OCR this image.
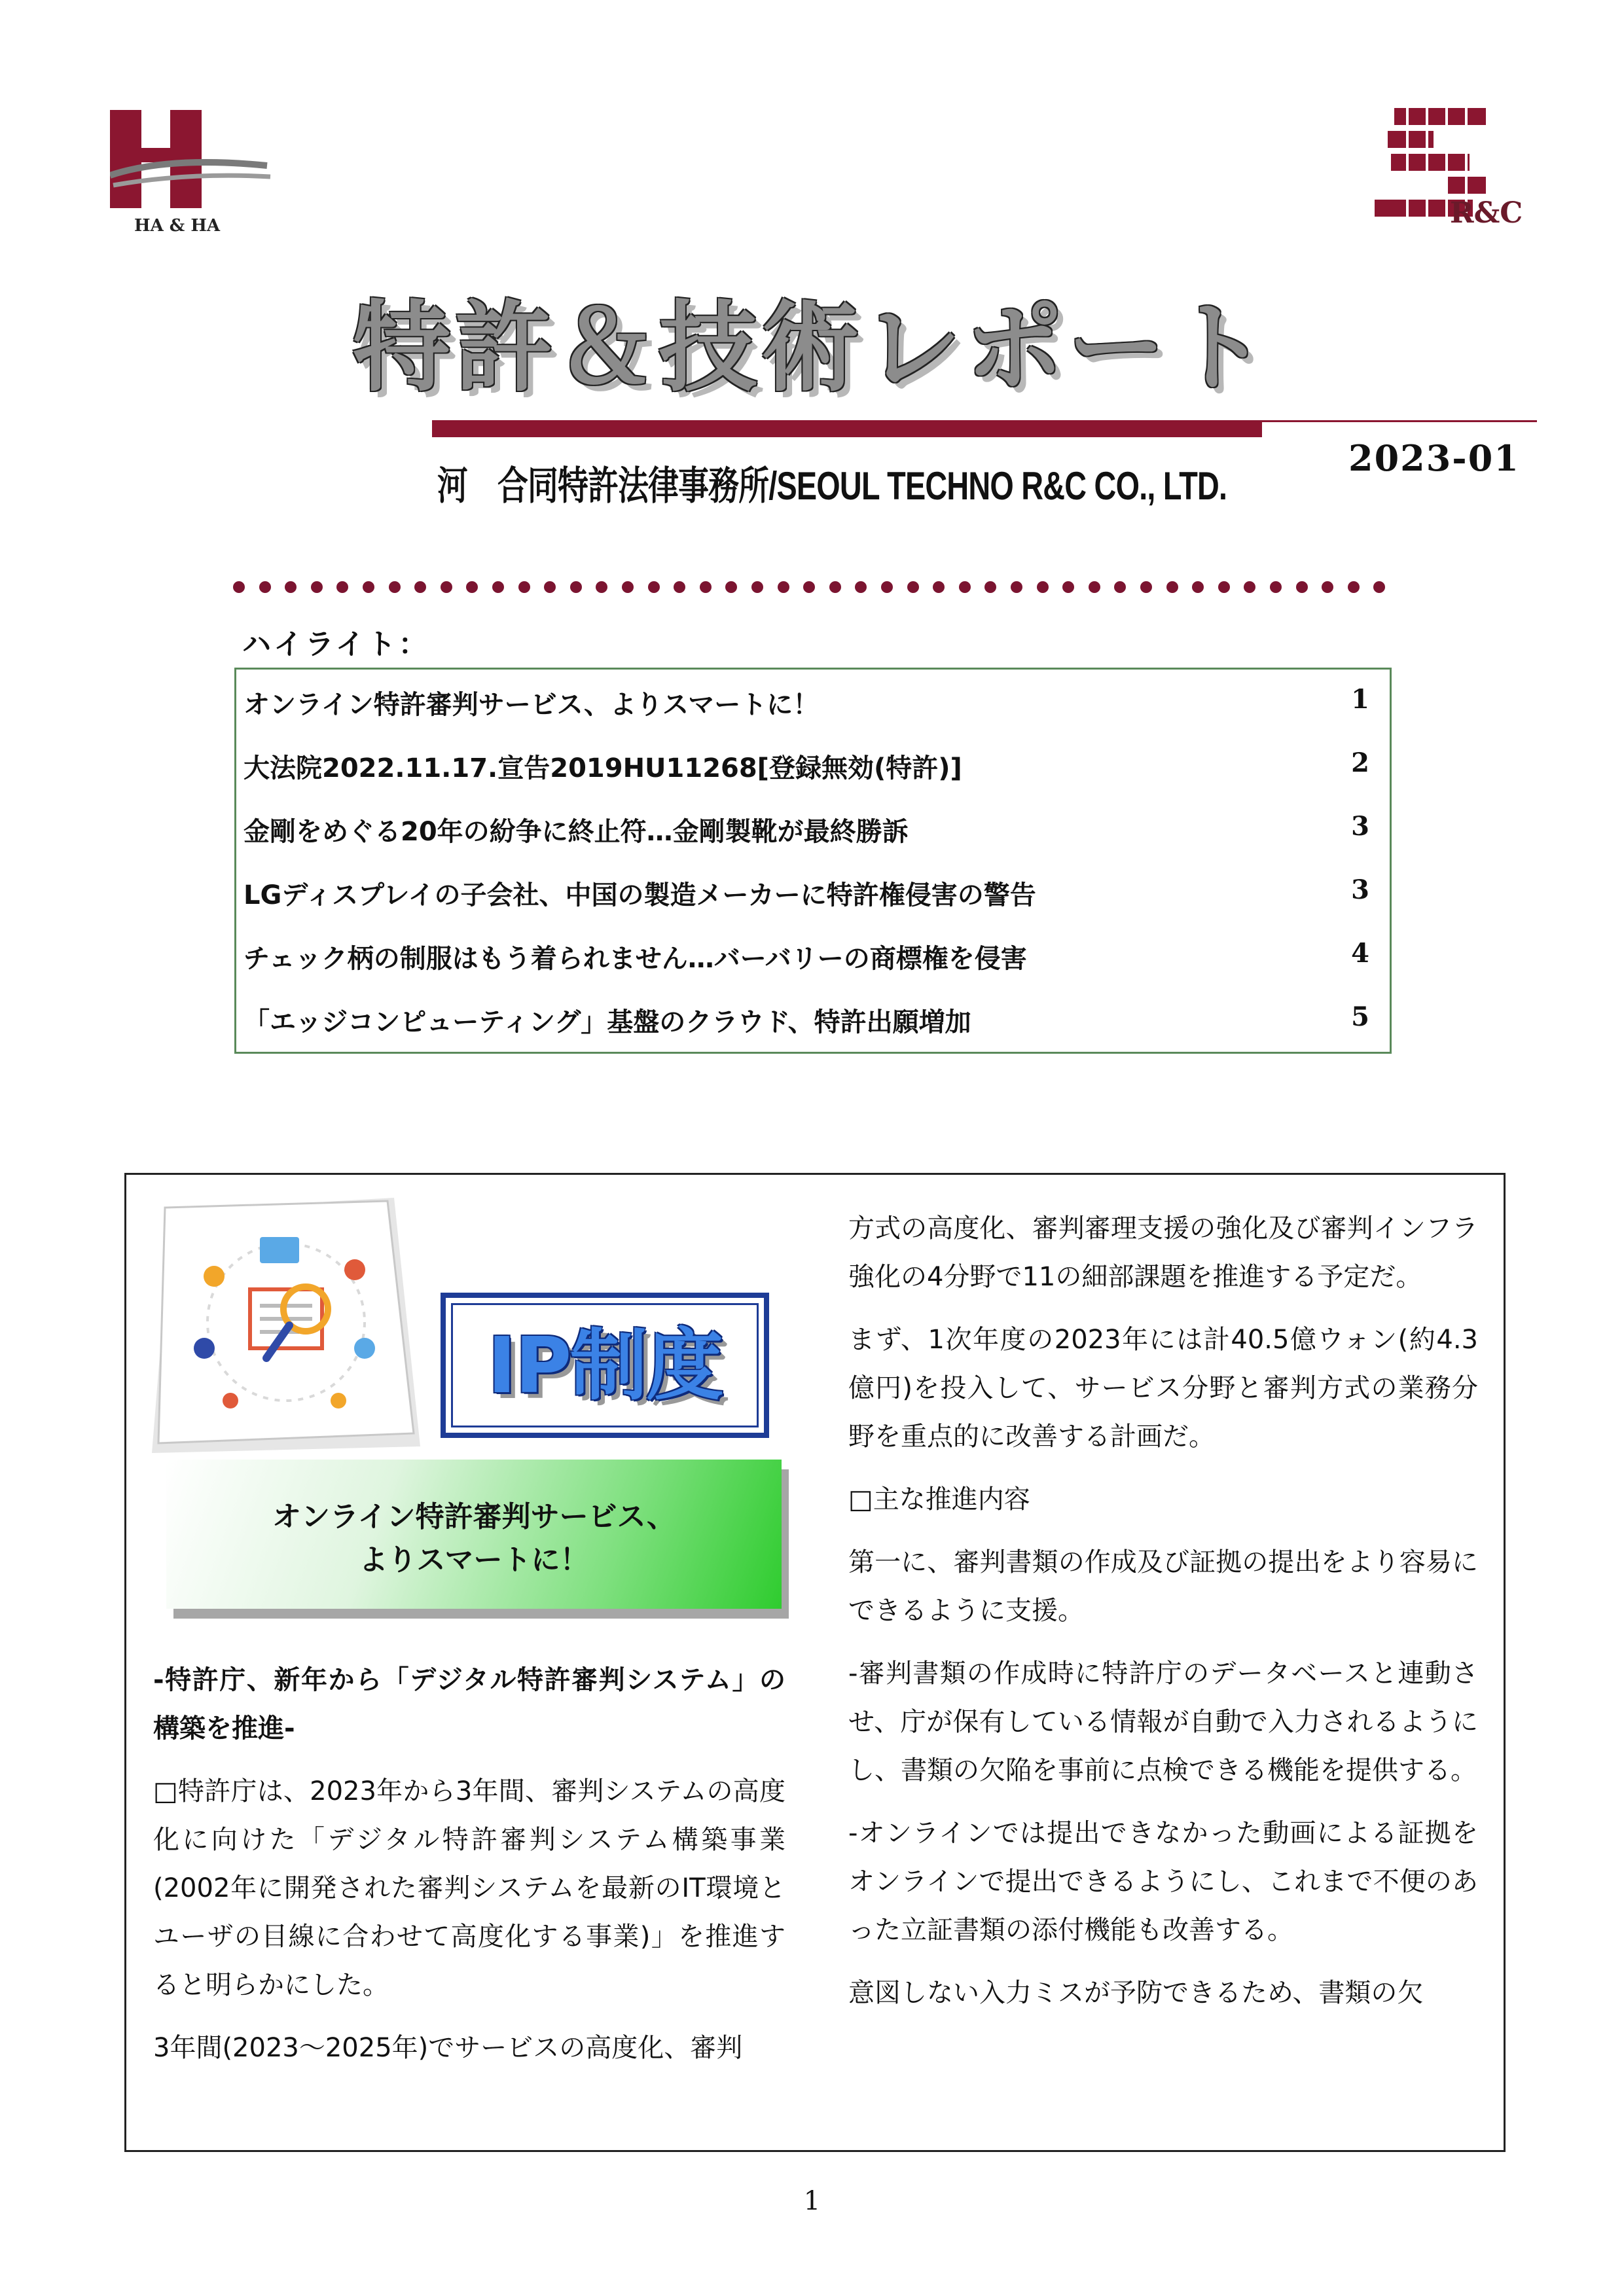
HA & HA	R&C
特許＆技術レポート
河　合同特許法律事務所/SEOUL TECHNO R&C CO., LTD.
2023-01
ハイライト：
オンライン特許審判サービス、よりスマートに！	1
大法院2022.11.17.宣告2019HU11268[登録無効(特許)]	2
金剛をめぐる20年の紛争に終止符…金剛製靴が最終勝訴	3
LGディスプレイの子会社、中国の製造メーカーに特許権侵害の警告	3
チェック柄の制服はもう着られません…バーバリーの商標権を侵害	4
「エッジコンピューティング」基盤のクラウド、特許出願増加	5
IP制度
オンライン特許審判サービス、
よりスマートに！

-特許庁、新年から「デジタル特許審判システム」の構築を推進-

□特許庁は、2023年から3年間、審判システムの高度化に向けた「デジタル特許審判システム構築事業(2002年に開発された審判システムを最新のIT環境とユーザの目線に合わせて高度化する事業)」を推進すると明らかにした。

3年間(2023～2025年)でサービスの高度化、審判

方式の高度化、審判審理支援の強化及び審判インフラ強化の4分野で11の細部課題を推進する予定だ。

まず、1次年度の2023年には計40.5億ウォン(約4.3億円)を投入して、サービス分野と審判方式の業務分野を重点的に改善する計画だ。

□主な推進内容

第一に、審判書類の作成及び証拠の提出をより容易にできるように支援。

-審判書類の作成時に特許庁のデータベースと連動させ、庁が保有している情報が自動で入力されるようにし、書類の欠陥を事前に点検できる機能を提供する。

-オンラインでは提出できなかった動画による証拠をオンラインで提出できるようにし、これまで不便のあった立証書類の添付機能も改善する。

意図しない入力ミスが予防できるため、書類の欠

1
